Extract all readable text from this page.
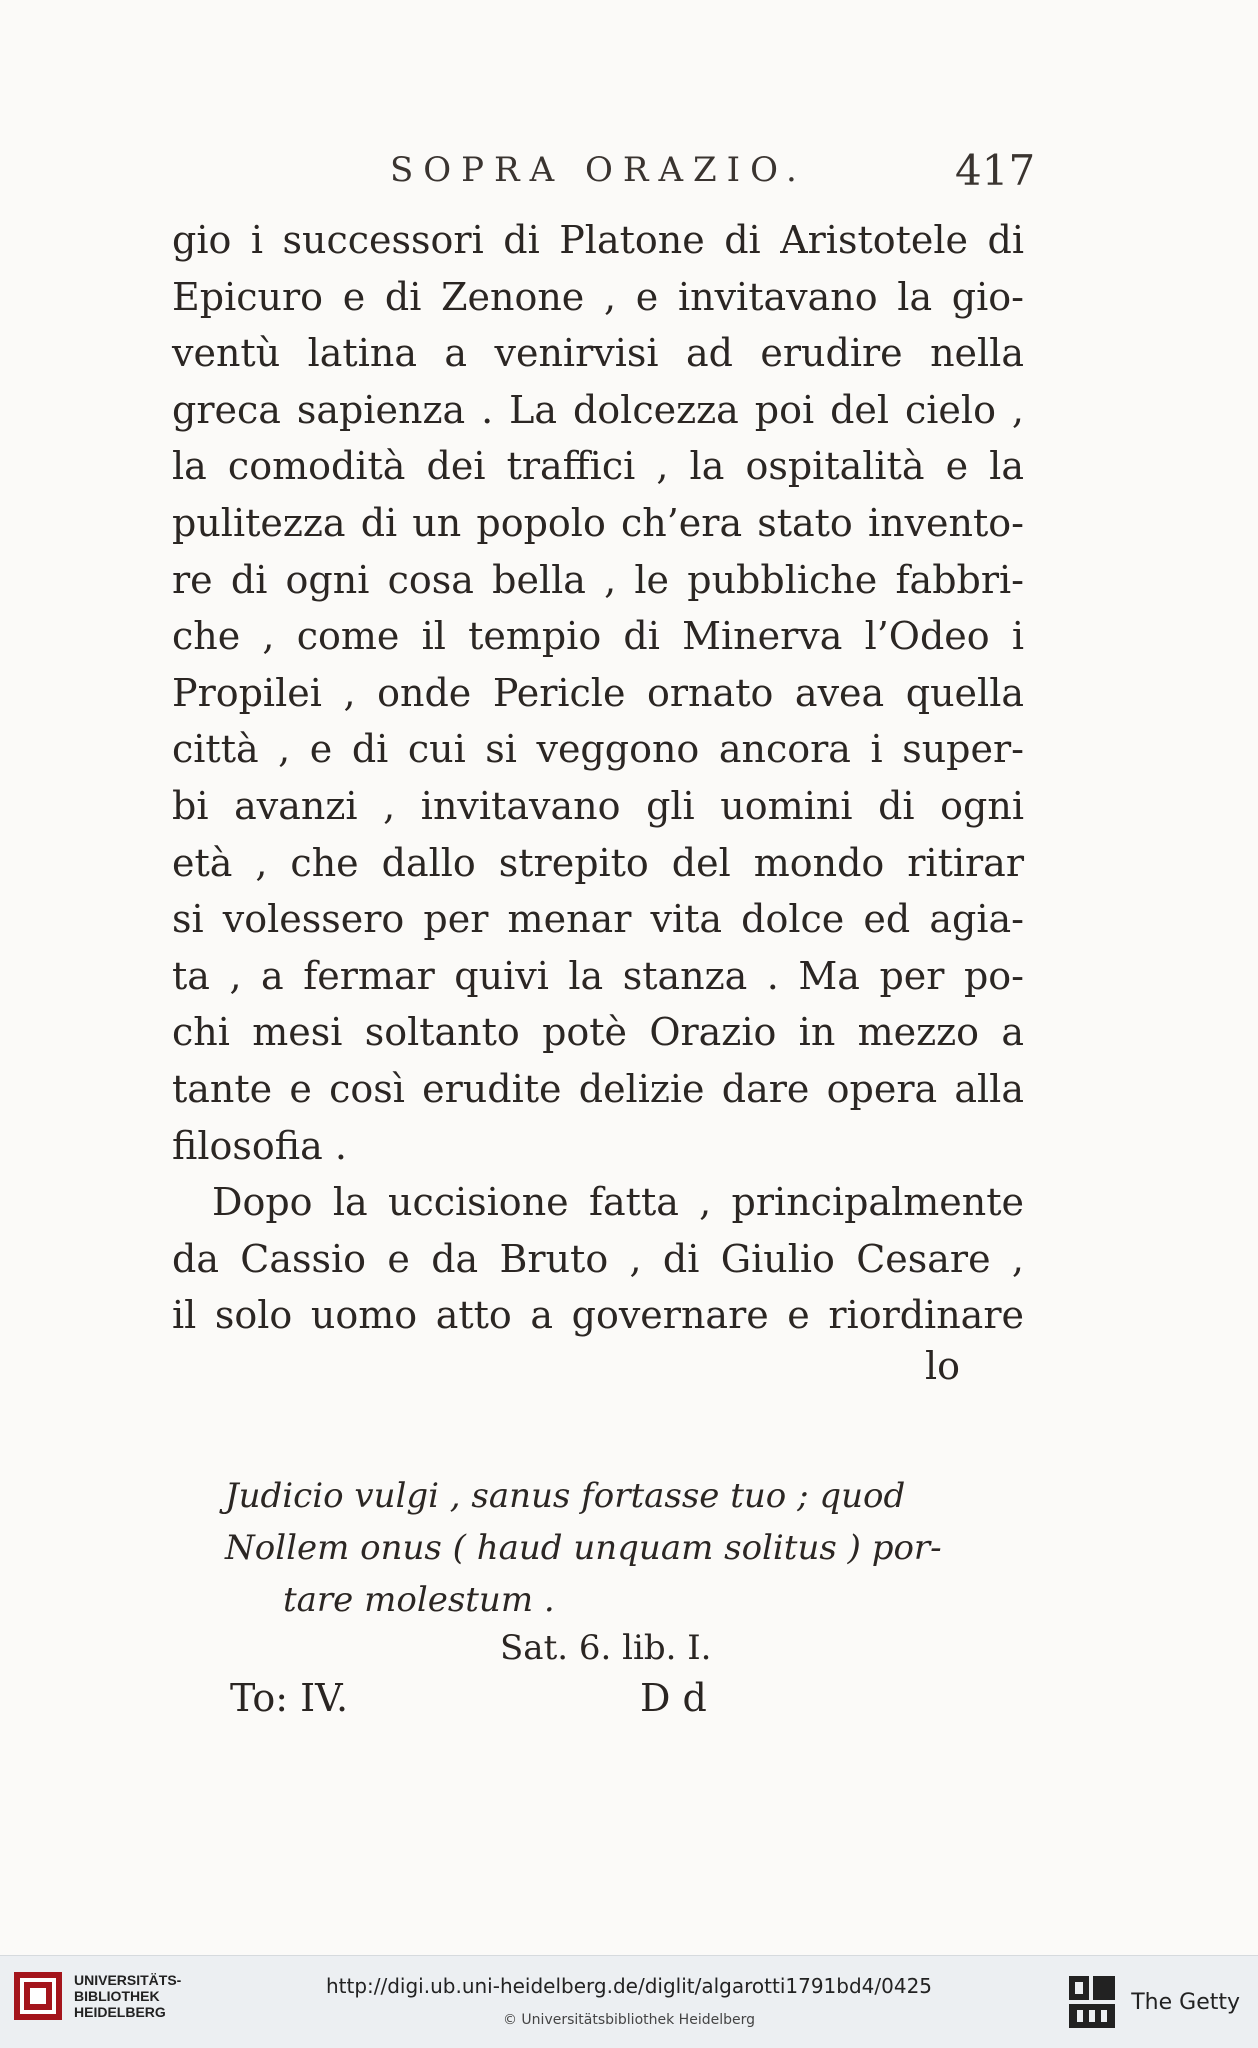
SOPRA ORAZIO.	417
gio i successori di Platone di Aristotele di
Epicuro e di Zenone , e invitavano la gio-
ventù latina a venirvisi ad erudire nella
greca sapienza . La dolcezza poi del cielo ,
la comodità dei traffici , la ospitalità e la
pulitezza di un popolo ch’era stato invento-
re di ogni cosa bella , le pubbliche fabbri-
che , come il tempio di Minerva l’Odeo i
Propilei , onde Pericle ornato avea quella
città , e di cui si veggono ancora i super-
bi avanzi , invitavano gli uomini di ogni
età , che dallo strepito del mondo ritirar
si volessero per menar vita dolce ed agia-
ta , a fermar quivi la stanza . Ma per po-
chi mesi soltanto potè Orazio in mezzo a
tante e così erudite delizie dare opera alla
filosofia .
Dopo la uccisione fatta , principalmente
da Cassio e da Bruto , di Giulio Cesare ,
il solo uomo atto a governare e riordinare
lo
Judicio vulgi , sanus fortasse tuo ; quod
Nollem onus ( haud unquam solitus ) por-
tare molestum .
Sat. 6. lib. I.
To: IV.	D d
UNIVERSITÄTS-
BIBLIOTHEK
HEIDELBERG
http://digi.ub.uni-heidelberg.de/diglit/algarotti1791bd4/0425
© Universitätsbibliothek Heidelberg
The Getty
